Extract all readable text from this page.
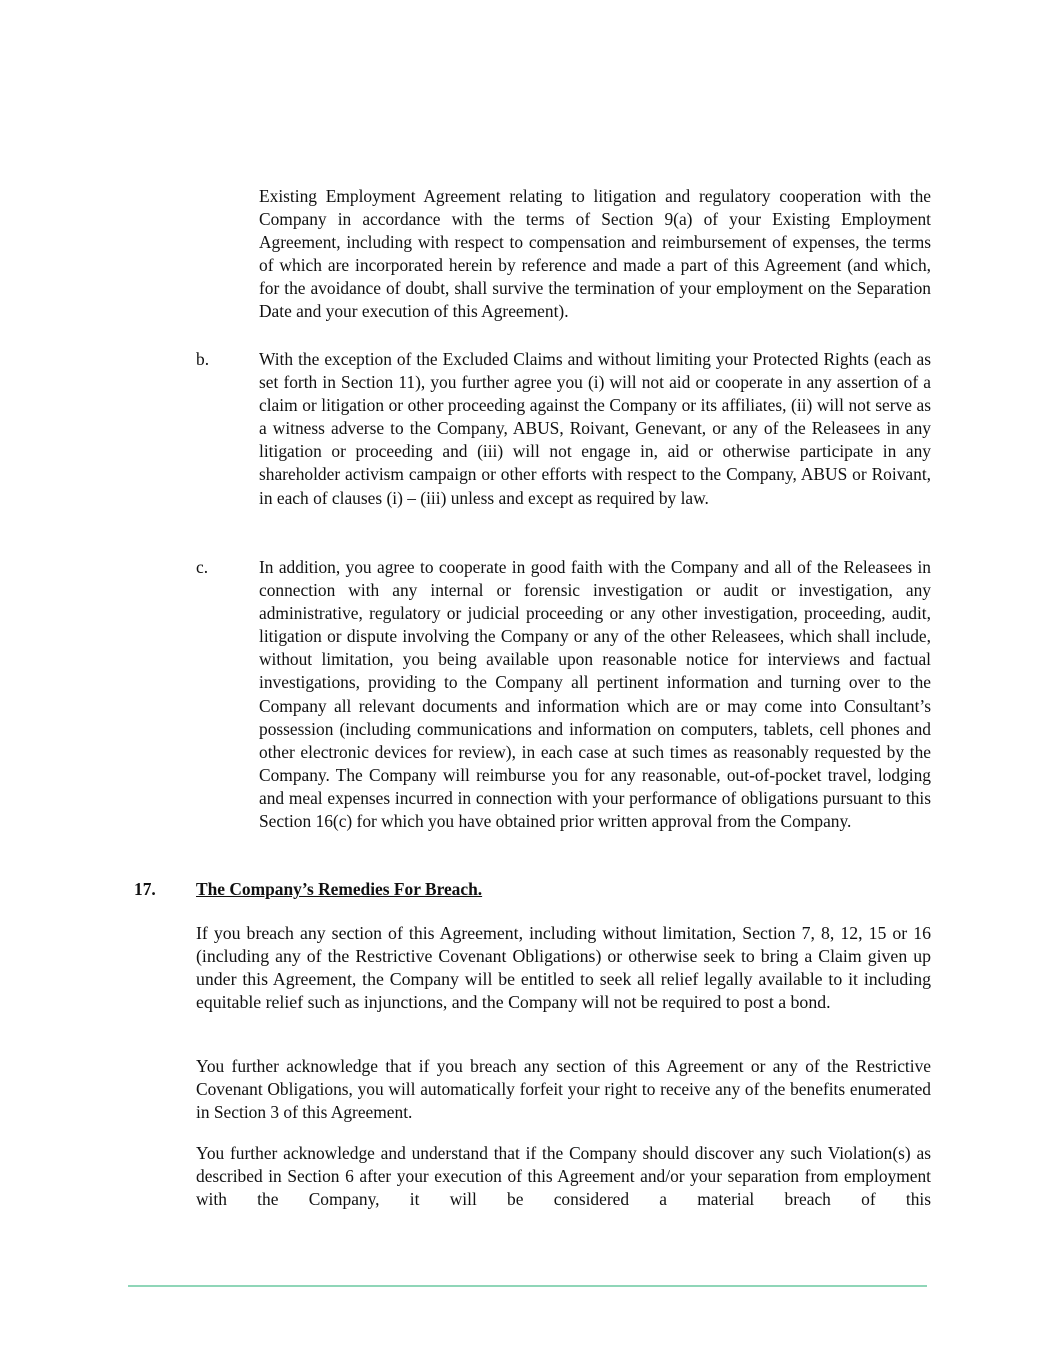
Existing Employment Agreement relating to litigation and regulatory cooperation with the Company in accordance with the terms of Section 9(a) of your Existing Employment Agreement, including with respect to compensation and reimbursement of expenses, the terms of which are incorporated herein by reference and made a part of this Agreement (and which, for the avoidance of doubt, shall survive the termination of your employment on the Separation Date and your execution of this Agreement).

b.	With the exception of the Excluded Claims and without limiting your Protected Rights (each as set forth in Section 11), you further agree you (i) will not aid or cooperate in any assertion of a claim or litigation or other proceeding against the Company or its affiliates, (ii) will not serve as a witness adverse to the Company, ABUS, Roivant, Genevant, or any of the Releasees in any litigation or proceeding and (iii) will not engage in, aid or otherwise participate in any shareholder activism campaign or other efforts with respect to the Company, ABUS or Roivant, in each of clauses (i) – (iii) unless and except as required by law.

c.	In addition, you agree to cooperate in good faith with the Company and all of the Releasees in connection with any internal or forensic investigation or audit or investigation, any administrative, regulatory or judicial proceeding or any other investigation, proceeding, audit, litigation or dispute involving the Company or any of the other Releasees, which shall include, without limitation, you being available upon reasonable notice for interviews and factual investigations, providing to the Company all pertinent information and turning over to the Company all relevant documents and information which are or may come into Consultant’s possession (including communications and information on computers, tablets, cell phones and other electronic devices for review), in each case at such times as reasonably requested by the Company. The Company will reimburse you for any reasonable, out-of-pocket travel, lodging and meal expenses incurred in connection with your performance of obligations pursuant to this Section 16(c) for which you have obtained prior written approval from the Company.

17. The Company’s Remedies For Breach.

If you breach any section of this Agreement, including without limitation, Section 7, 8, 12, 15 or 16 (including any of the Restrictive Covenant Obligations) or otherwise seek to bring a Claim given up under this Agreement, the Company will be entitled to seek all relief legally available to it including equitable relief such as injunctions, and the Company will not be required to post a bond.

You further acknowledge that if you breach any section of this Agreement or any of the Restrictive Covenant Obligations, you will automatically forfeit your right to receive any of the benefits enumerated in Section 3 of this Agreement.

You further acknowledge and understand that if the Company should discover any such Violation(s) as described in Section 6 after your execution of this Agreement and/or your separation from employment with the Company, it will be considered a material breach of this
